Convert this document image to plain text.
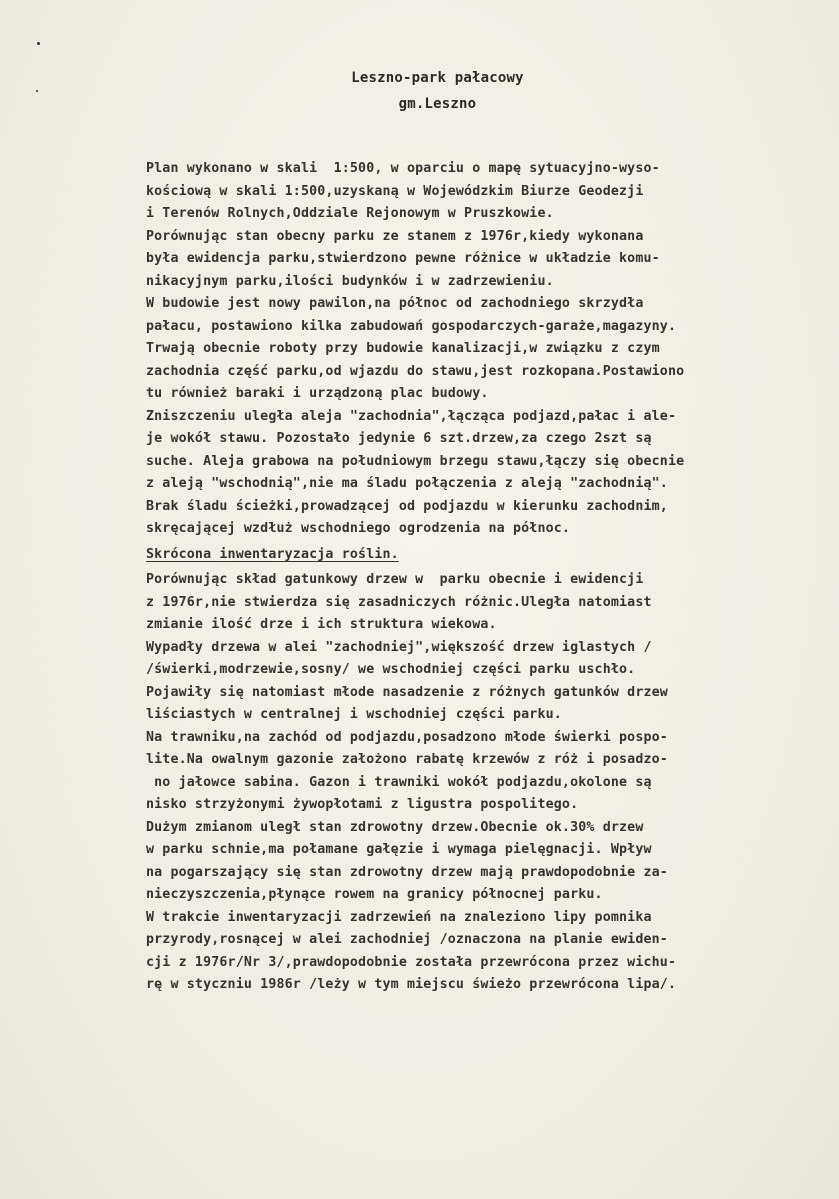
Leszno-park pałacowy
gm.Leszno
Plan wykonano w skali  1:500, w oparciu o mapę sytuacyjno-wyso-
kościową w skali 1:500,uzyskaną w Wojewódzkim Biurze Geodezji
i Terenów Rolnych,Oddziale Rejonowym w Pruszkowie.
Porównując stan obecny parku ze stanem z 1976r,kiedy wykonana
była ewidencja parku,stwierdzono pewne różnice w układzie komu-
nikacyjnym parku,ilości budynków i w zadrzewieniu.
W budowie jest nowy pawilon,na północ od zachodniego skrzydła
pałacu, postawiono kilka zabudowań gospodarczych-garaże,magazyny.
Trwają obecnie roboty przy budowie kanalizacji,w związku z czym
zachodnia część parku,od wjazdu do stawu,jest rozkopana.Postawiono
tu również baraki i urządzoną plac budowy.
Zniszczeniu uległa aleja "zachodnia",łącząca podjazd,pałac i ale-
je wokół stawu. Pozostało jedynie 6 szt.drzew,za czego 2szt są
suche. Aleja grabowa na południowym brzegu stawu,łączy się obecnie
z aleją "wschodnią",nie ma śladu połączenia z aleją "zachodnią".
Brak śladu ścieżki,prowadzącej od podjazdu w kierunku zachodnim,
skręcającej wzdłuż wschodniego ogrodzenia na północ.
Skrócona inwentaryzacja roślin.
Porównując skład gatunkowy drzew w  parku obecnie i ewidencji
z 1976r,nie stwierdza się zasadniczych różnic.Uległa natomiast
zmianie ilość drze i ich struktura wiekowa.
Wypadły drzewa w alei "zachodniej",większość drzew iglastych /
/świerki,modrzewie,sosny/ we wschodniej części parku uschło.
Pojawiły się natomiast młode nasadzenie z różnych gatunków drzew
liściastych w centralnej i wschodniej części parku.
Na trawniku,na zachód od podjazdu,posadzono młode świerki pospo-
lite.Na owalnym gazonie założono rabatę krzewów z róż i posadzo-
no jałowce sabina. Gazon i trawniki wokół podjazdu,okolone są
nisko strzyżonymi żywopłotami z ligustra pospolitego.
Dużym zmianom uległ stan zdrowotny drzew.Obecnie ok.30% drzew
w parku schnie,ma połamane gałęzie i wymaga pielęgnacji. Wpływ
na pogarszający się stan zdrowotny drzew mają prawdopodobnie za-
nieczyszczenia,płynące rowem na granicy północnej parku.
W trakcie inwentaryzacji zadrzewień na znaleziono lipy pomnika
przyrody,rosnącej w alei zachodniej /oznaczona na planie ewiden-
cji z 1976r/Nr 3/,prawdopodobnie została przewrócona przez wichu-
rę w styczniu 1986r /leży w tym miejscu świeżo przewrócona lipa/.
